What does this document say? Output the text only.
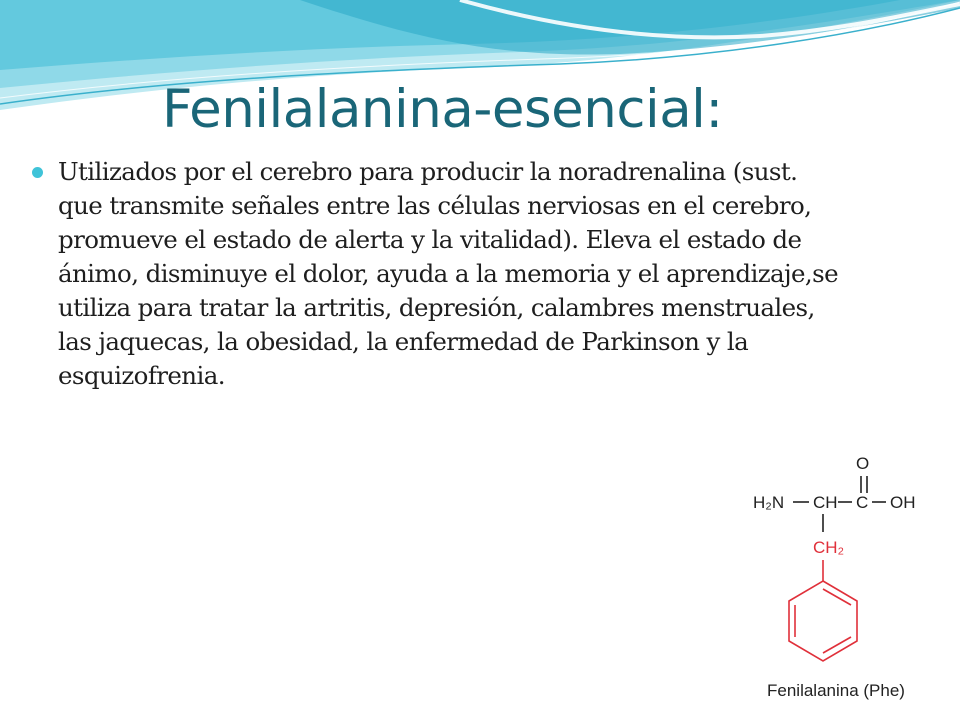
Fenilalanina-esencial:
Utilizados por el cerebro para producir la noradrenalina (sust. que transmite señales entre las células nerviosas en el cerebro, promueve el estado de alerta y la vitalidad). Eleva el estado de ánimo, disminuye el dolor, ayuda a la memoria y el aprendizaje,se utiliza para tratar la artritis, depresión, calambres menstruales, las jaquecas, la obesidad, la enfermedad de Parkinson y la esquizofrenia.
O
H₂N CH C OH
CH₂
Fenilalanina (Phe)
